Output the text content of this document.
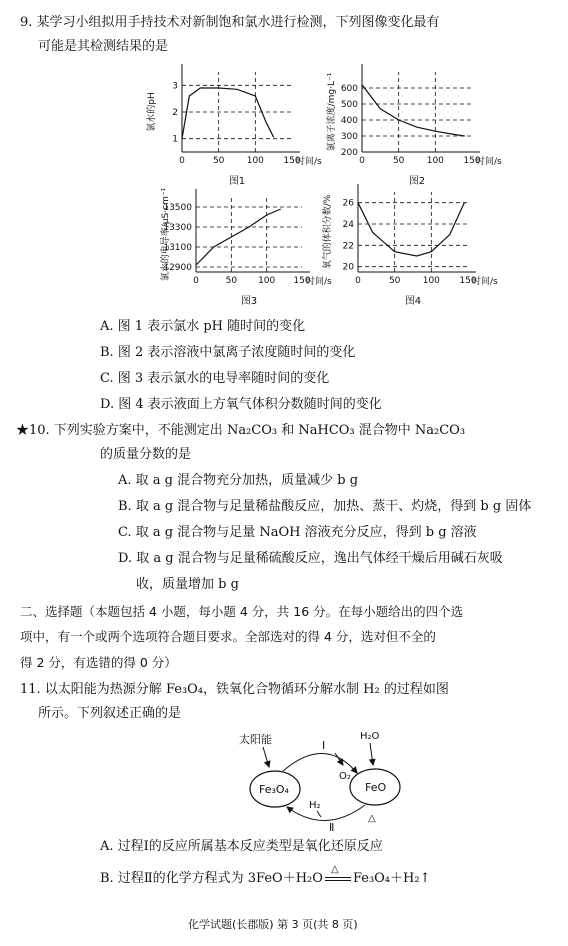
9. 某学习小组拟用手持技术对新制饱和氯水进行检测，下列图像变化最有
可能是其检测结果的是
1
2
3
0	50 100 150
时间/s
氯水的pH
图1
200
300
400
500
600
0	50 100 150
时间/s
氯离子浓度/mg·L⁻¹
图2
12900
13100
13300
13500
0	50 100 150
时间/s
氯水的电导率/μS·cm⁻¹
图3
20
22
24
26
0	50 100 150
时间/s
氧气的体积分数/%
图4
A. 图 1 表示氯水 pH 随时间的变化
B. 图 2 表示溶液中氯离子浓度随时间的变化
C. 图 3 表示氯水的电导率随时间的变化
D. 图 4 表示液面上方氧气体积分数随时间的变化
★10. 下列实验方案中，不能测定出 Na₂CO₃ 和 NaHCO₃ 混合物中 Na₂CO₃
的质量分数的是
A. 取 a g 混合物充分加热，质量减少 b g
B. 取 a g 混合物与足量稀盐酸反应，加热、蒸干、灼烧，得到 b g 固体
C. 取 a g 混合物与足量 NaOH 溶液充分反应，得到 b g 溶液
D. 取 a g 混合物与足量稀硫酸反应，逸出气体经干燥后用碱石灰吸
收，质量增加 b g
二、选择题（本题包括 4 小题，每小题 4 分，共 16 分。在每小题给出的四个选
项中，有一个或两个选项符合题目要求。全部选对的得 4 分，选对但不全的
得 2 分，有选错的得 0 分）
11. 以太阳能为热源分解 Fe₃O₄，铁氧化合物循环分解水制 H₂ 的过程如图
所示。下列叙述正确的是
太阳能
Fe₃O₄	FeO
Ⅰ
O₂
H₂O
Ⅱ
H₂
△
A. 过程Ⅰ的反应所属基本反应类型是氧化还原反应
B. 过程Ⅱ的化学方程式为 3FeO＋H₂O
△
Fe₃O₄＋H₂↑
化学试题(长郡版) 第 3 页(共 8 页)
